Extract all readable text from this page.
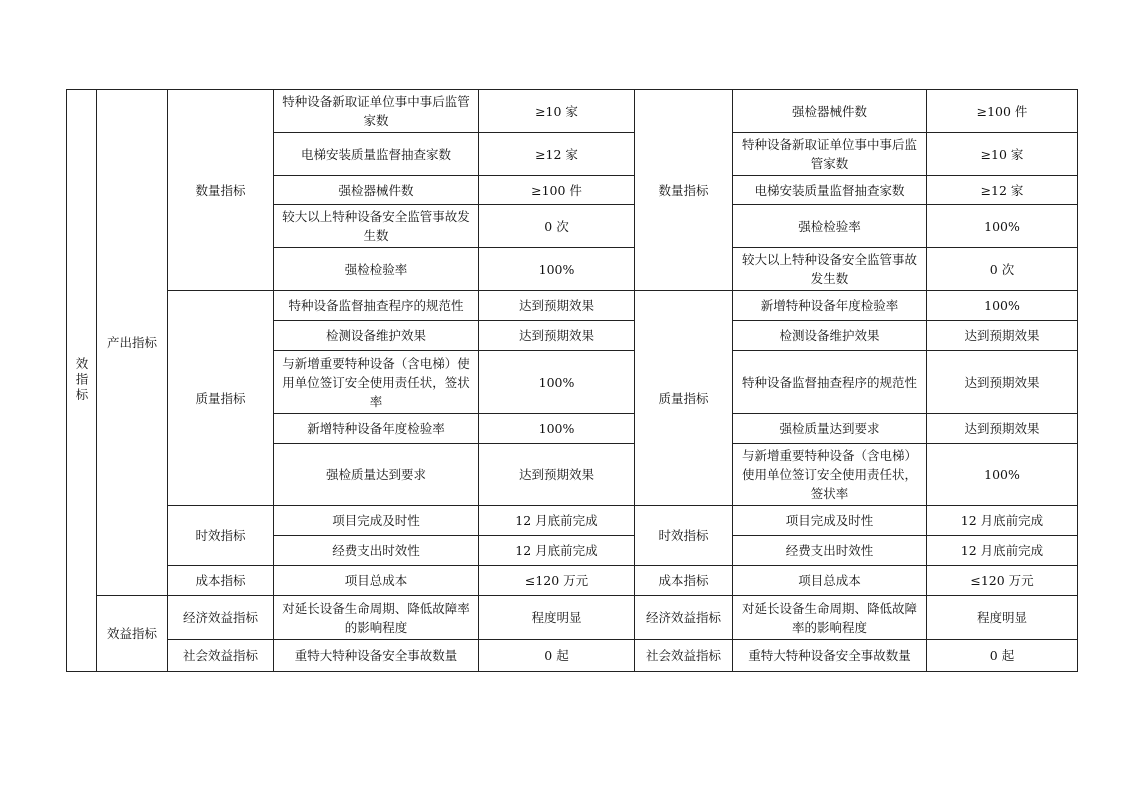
效指标	产出指标	数量指标	特种设备新取证单位事中事后监管家数	≥10 家	数量指标	强检器械件数	≥100 件
			电梯安装质量监督抽查家数	≥12 家		特种设备新取证单位事中事后监 管家数	≥10 家
			强检器械件数	≥100 件		电梯安装质量监督抽查家数	≥12 家
			较大以上特种设备安全监管事故发生数	0 次		强检检验率	100%
			强检检验率	100%		较大以上特种设备安全监管事故发生数	0 次
		质量指标	特种设备监督抽查程序的规范性	达到预期效果	质量指标	新增特种设备年度检验率	100%
			检测设备维护效果	达到预期效果		检测设备维护效果	达到预期效果
			与新增重要特种设备（含电梯）使用单位签订安全使用责任状，签状率	100%		特种设备监督抽查程序的规范性	达到预期效果
			新增特种设备年度检验率	100%		强检质量达到要求	达到预期效果
			强检质量达到要求	达到预期效果		与新增重要特种设备（含电梯）使用单位签订安全使用责任状，签状率	100%
		时效指标	项目完成及时性	12 月底前完成	时效指标	项目完成及时性	12 月底前完成
			经费支出时效性	12 月底前完成		经费支出时效性	12 月底前完成
		成本指标	项目总成本	≤120 万元	成本指标	项目总成本	≤120 万元

	效益指标	经济效益指标	对延长设备生命周期、降低故障率的影响程度	程度明显	经济效益指标	对延长设备生命周期、降低故障率的影响程度	程度明显
		社会效益指标	重特大特种设备安全事故数量	0 起	社会效益指标	重特大特种设备安全事故数量	0 起
